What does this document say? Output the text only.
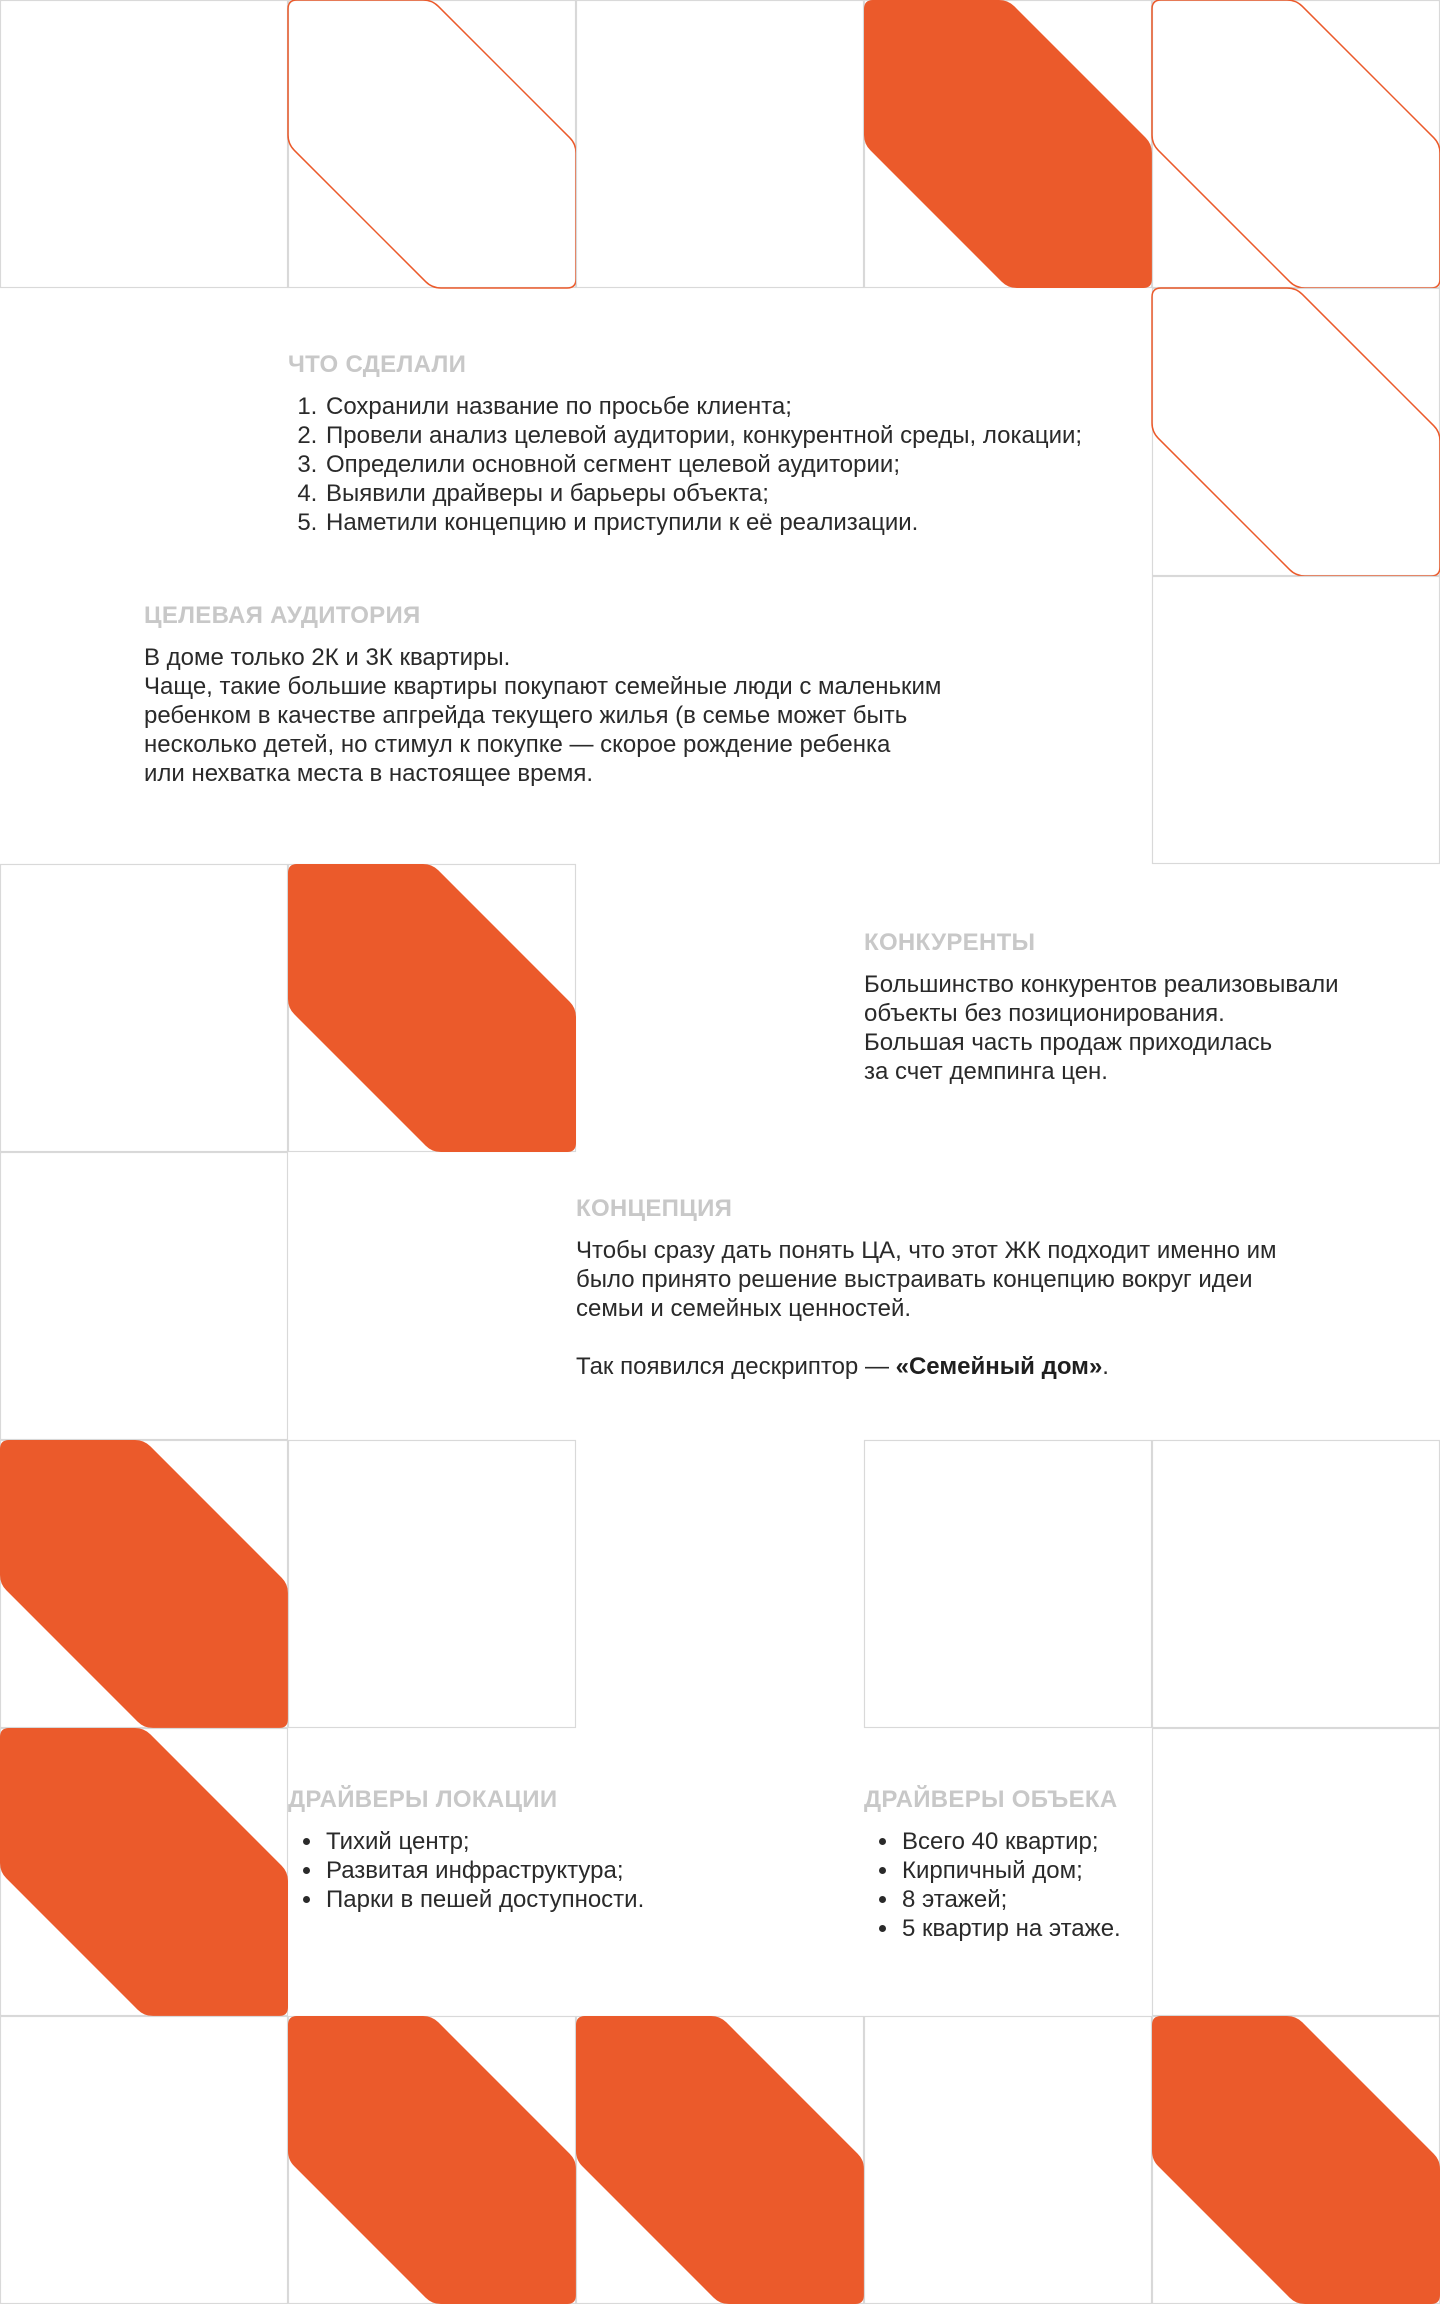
ЧТО СДЕЛАЛИ
1. Сохранили название по просьбе клиента;
2. Провели анализ целевой аудитории, конкурентной среды, локации;
3. Определили основной сегмент целевой аудитории;
4. Выявили драйверы и барьеры объекта;
5. Наметили концепцию и приступили к её реализации.
ЦЕЛЕВАЯ АУДИТОРИЯ

В доме только 2К и 3К квартиры.

Чаще, такие большие квартиры покупают семейные люди с маленьким

ребенком в качестве апгрейда текущего жилья (в семье может быть

несколько детей, но стимул к покупке — скорое рождение ребенка

или нехватка места в настоящее время.

КОНКУРЕНТЫ

Большинство конкурентов реализовывали

объекты без позиционирования.

Большая часть продаж приходилась

за счет демпинга цен.

КОНЦЕПЦИЯ

Чтобы сразу дать понять ЦА, что этот ЖК подходит именно им

было принято решение выстраивать концепцию вокруг идеи

семьи и семейных ценностей.

Так появился дескриптор — «Семейный дом».

ДРАЙВЕРЫ ЛОКАЦИИ
• Тихий центр;
• Развитая инфраструктура;
• Парки в пешей доступности.
ДРАЙВЕРЫ ОБЪЕКА
• Всего 40 квартир;
• Кирпичный дом;
• 8 этажей;
• 5 квартир на этаже.
